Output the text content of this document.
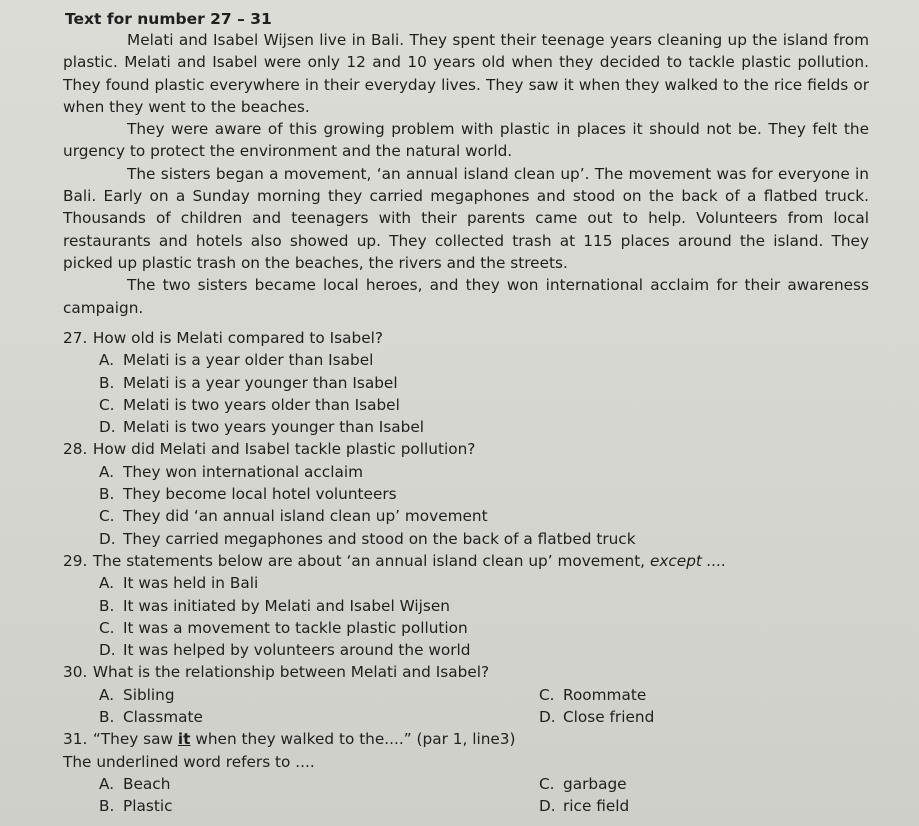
Text for number 27 – 31

Melati and Isabel Wijsen live in Bali. They spent their teenage years cleaning up the island from plastic. Melati and Isabel were only 12 and 10 years old when they decided to tackle plastic pollution. They found plastic everywhere in their everyday lives. They saw it when they walked to the rice fields or when they went to the beaches.

They were aware of this growing problem with plastic in places it should not be. They felt the urgency to protect the environment and the natural world.

The sisters began a movement, ‘an annual island clean up’. The movement was for everyone in Bali. Early on a Sunday morning they carried megaphones and stood on the back of a flatbed truck. Thousands of children and teenagers with their parents came out to help. Volunteers from local restaurants and hotels also showed up. They collected trash at 115 places around the island. They picked up plastic trash on the beaches, the rivers and the streets.

The two sisters became local heroes, and they won international acclaim for their awareness campaign.

27. How old is Melati compared to Isabel?
A. Melati is a year older than Isabel
B. Melati is a year younger than Isabel
C. Melati is two years older than Isabel
D. Melati is two years younger than Isabel
28. How did Melati and Isabel tackle plastic pollution?
A. They won international acclaim
B. They become local hotel volunteers
C. They did ‘an annual island clean up’ movement
D. They carried megaphones and stood on the back of a flatbed truck
29. The statements below are about ‘an annual island clean up’ movement, except ....
A. It was held in Bali
B. It was initiated by Melati and Isabel Wijsen
C. It was a movement to tackle plastic pollution
D. It was helped by volunteers around the world
30. What is the relationship between Melati and Isabel?
A. Sibling	C. Roommate
B. Classmate	D. Close friend
31. “They saw it when they walked to the....” (par 1, line3)
The underlined word refers to ....
A. Beach	C. garbage
B. Plastic	D. rice field
